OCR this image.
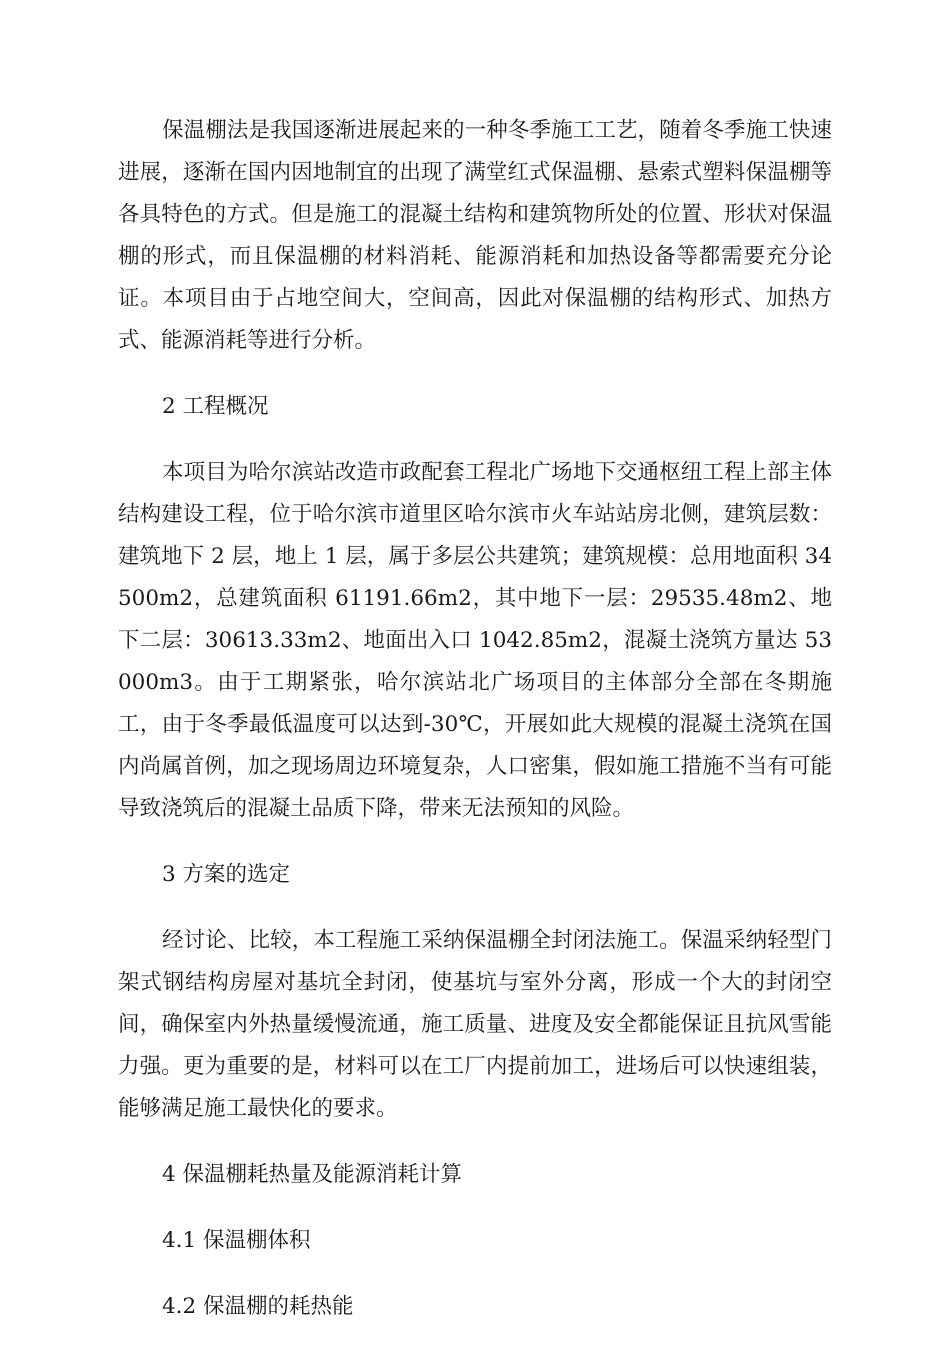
保温棚法是我国逐渐进展起来的一种冬季施工工艺，随着冬季施工快速进展，逐渐在国内因地制宜的出现了满堂红式保温棚、悬索式塑料保温棚等各具特色的方式。但是施工的混凝土结构和建筑物所处的位置、形状对保温棚的形式，而且保温棚的材料消耗、能源消耗和加热设备等都需要充分论证。本项目由于占地空间大，空间高，因此对保温棚的结构形式、加热方式、能源消耗等进行分析。

2 工程概况

本项目为哈尔滨站改造市政配套工程北广场地下交通枢纽工程上部主体结构建设工程，位于哈尔滨市道里区哈尔滨市火车站站房北侧，建筑层数：建筑地下 2 层，地上 1 层，属于多层公共建筑；建筑规模：总用地面积 34500m2，总建筑面积 61191.66m2，其中地下一层：29535.48m2、地下二层：30613.33m2、地面出入口 1042.85m2，混凝土浇筑方量达 53000m3。由于工期紧张，哈尔滨站北广场项目的主体部分全部在冬期施工，由于冬季最低温度可以达到-30℃，开展如此大规模的混凝土浇筑在国内尚属首例，加之现场周边环境复杂，人口密集，假如施工措施不当有可能导致浇筑后的混凝土品质下降，带来无法预知的风险。

3 方案的选定

经讨论、比较，本工程施工采纳保温棚全封闭法施工。保温采纳轻型门架式钢结构房屋对基坑全封闭，使基坑与室外分离，形成一个大的封闭空间，确保室内外热量缓慢流通，施工质量、进度及安全都能保证且抗风雪能力强。更为重要的是，材料可以在工厂内提前加工，进场后可以快速组装，能够满足施工最快化的要求。

4 保温棚耗热量及能源消耗计算

4.1 保温棚体积

4.2 保温棚的耗热能
